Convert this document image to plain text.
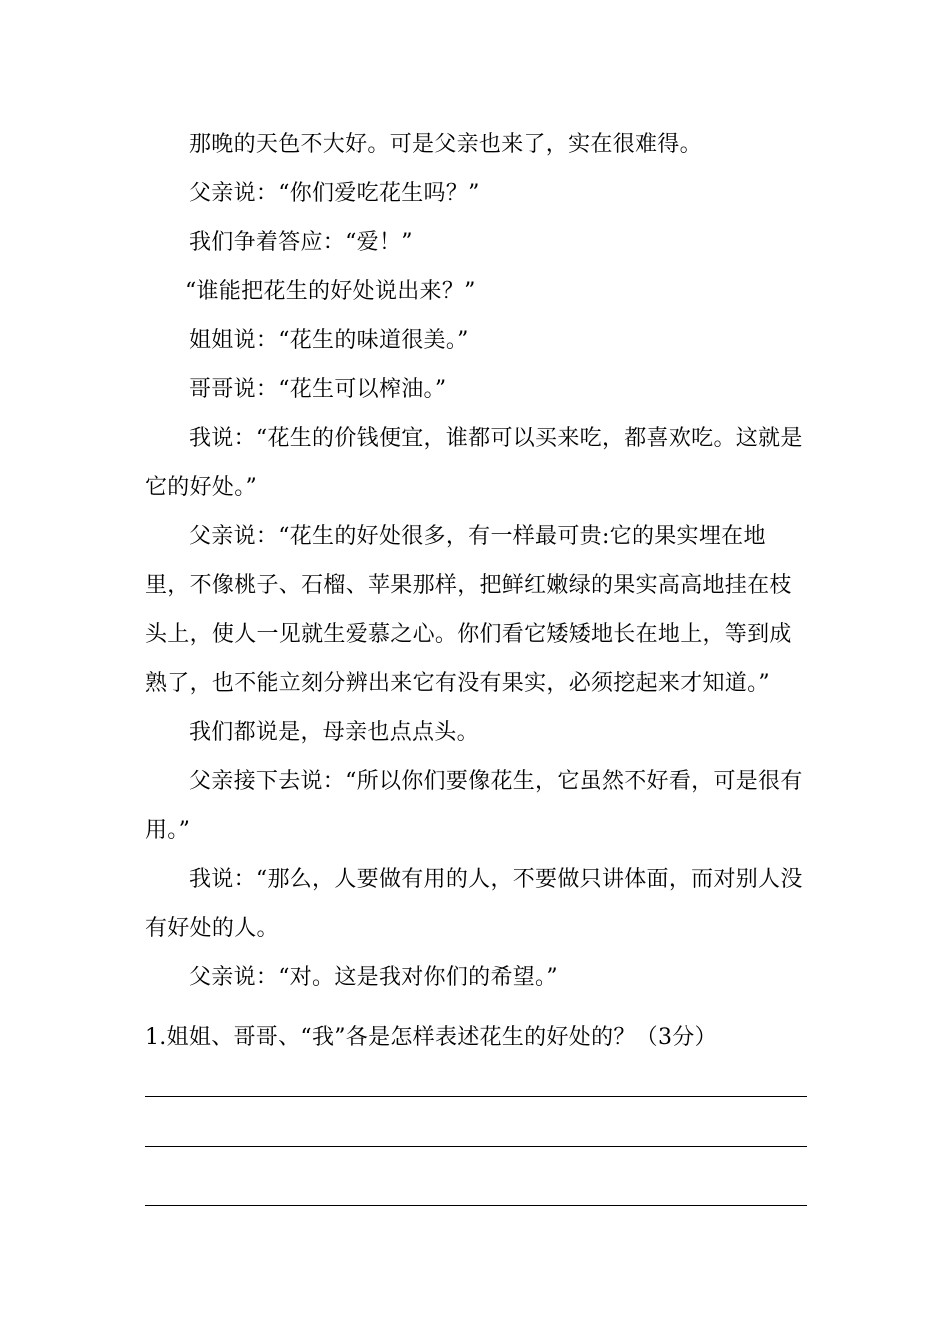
那晚的天色不大好。可是父亲也来了，实在很难得。

父亲说：“你们爱吃花生吗？”

我们争着答应：“爱！”

“谁能把花生的好处说出来？”

姐姐说：“花生的味道很美。”

哥哥说：“花生可以榨油。”

我说：“花生的价钱便宜，谁都可以买来吃，都喜欢吃。这就是它的好处。”

父亲说：“花生的好处很多，有一样最可贵:它的果实埋在地里，不像桃子、石榴、苹果那样，把鲜红嫩绿的果实高高地挂在枝头上，使人一见就生爱慕之心。你们看它矮矮地长在地上，等到成熟了，也不能立刻分辨出来它有没有果实，必须挖起来才知道。”

我们都说是，母亲也点点头。

父亲接下去说：“所以你们要像花生，它虽然不好看，可是很有用。”

我说：“那么，人要做有用的人，不要做只讲体面，而对别人没有好处的人。

父亲说：“对。这是我对你们的希望。”

1.姐姐、哥哥、“我”各是怎样表述花生的好处的？（3分）
